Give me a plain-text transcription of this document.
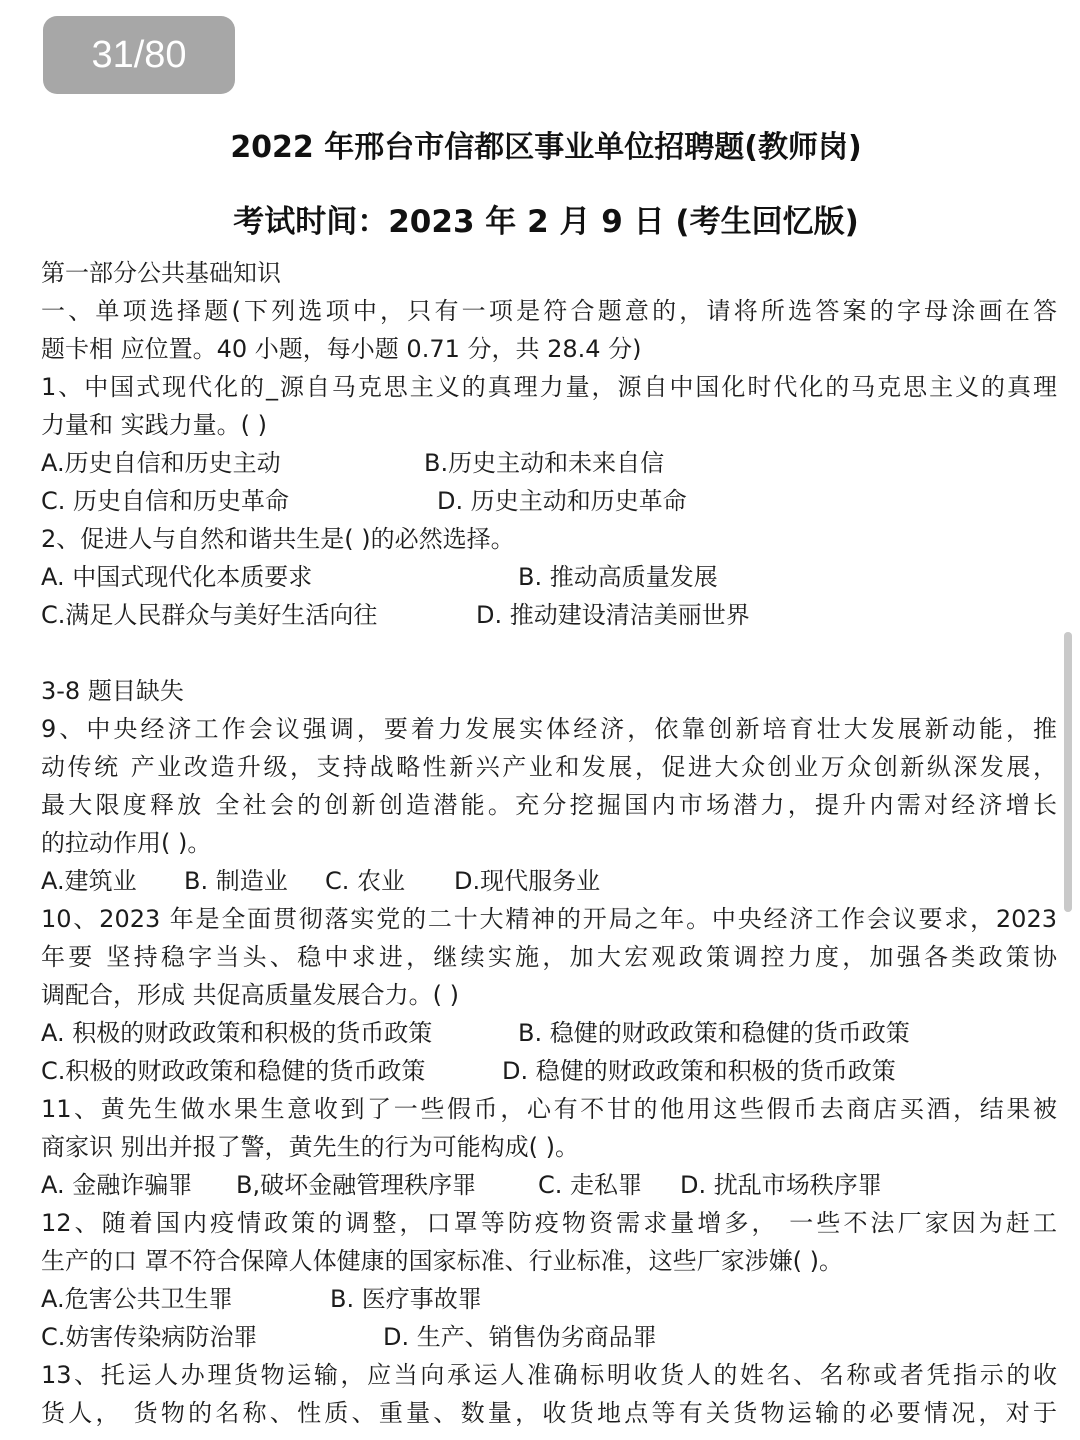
31/80
2022 年邢台市信都区事业单位招聘题(教师岗)
考试时间：2023 年 2 月 9 日 (考生回忆版)
第一部分公共基础知识
一、单项选择题(下列选项中，只有一项是符合题意的，请将所选答案的字母涂画在答
题卡相 应位置。40 小题，每小题 0.71 分，共 28.4 分)
1、中国式现代化的_源自马克思主义的真理力量，源自中国化时代化的马克思主义的真理
力量和 实践力量。( )
A.历史自信和历史主动	B.历史主动和未来自信
C. 历史自信和历史革命	D. 历史主动和历史革命
2、促进人与自然和谐共生是( )的必然选择。
A. 中国式现代化本质要求	B. 推动高质量发展
C.满足人民群众与美好生活向往	D. 推动建设清洁美丽世界
3-8 题目缺失
9、中央经济工作会议强调，要着力发展实体经济，依靠创新培育壮大发展新动能，推
动传统 产业改造升级，支持战略性新兴产业和发展，促进大众创业万众创新纵深发展，
最大限度释放 全社会的创新创造潜能。充分挖掘国内市场潜力，提升内需对经济增长
的拉动作用( )。
A.建筑业 B. 制造业 C. 农业 D.现代服务业
10、2023 年是全面贯彻落实党的二十大精神的开局之年。中央经济工作会议要求，2023
年要 坚持稳字当头、稳中求进，继续实施，加大宏观政策调控力度，加强各类政策协
调配合，形成 共促高质量发展合力。( )
A. 积极的财政政策和积极的货币政策	B. 稳健的财政政策和稳健的货币政策
C.积极的财政政策和稳健的货币政策	D. 稳健的财政政策和积极的货币政策
11、黄先生做水果生意收到了一些假币，心有不甘的他用这些假币去商店买酒，结果被
商家识 别出并报了警，黄先生的行为可能构成( )。
A. 金融诈骗罪 B,破坏金融管理秩序罪	C. 走私罪 D. 扰乱市场秩序罪
12、随着国内疫情政策的调整，口罩等防疫物资需求量增多， 一些不法厂家因为赶工
生产的口 罩不符合保障人体健康的国家标准、行业标准，这些厂家涉嫌( )。
A.危害公共卫生罪	B. 医疗事故罪
C.妨害传染病防治罪	D. 生产、销售伪劣商品罪
13、托运人办理货物运输，应当向承运人准确标明收货人的姓名、名称或者凭指示的收
货人， 货物的名称、性质、重量、数量，收货地点等有关货物运输的必要情况，对于
